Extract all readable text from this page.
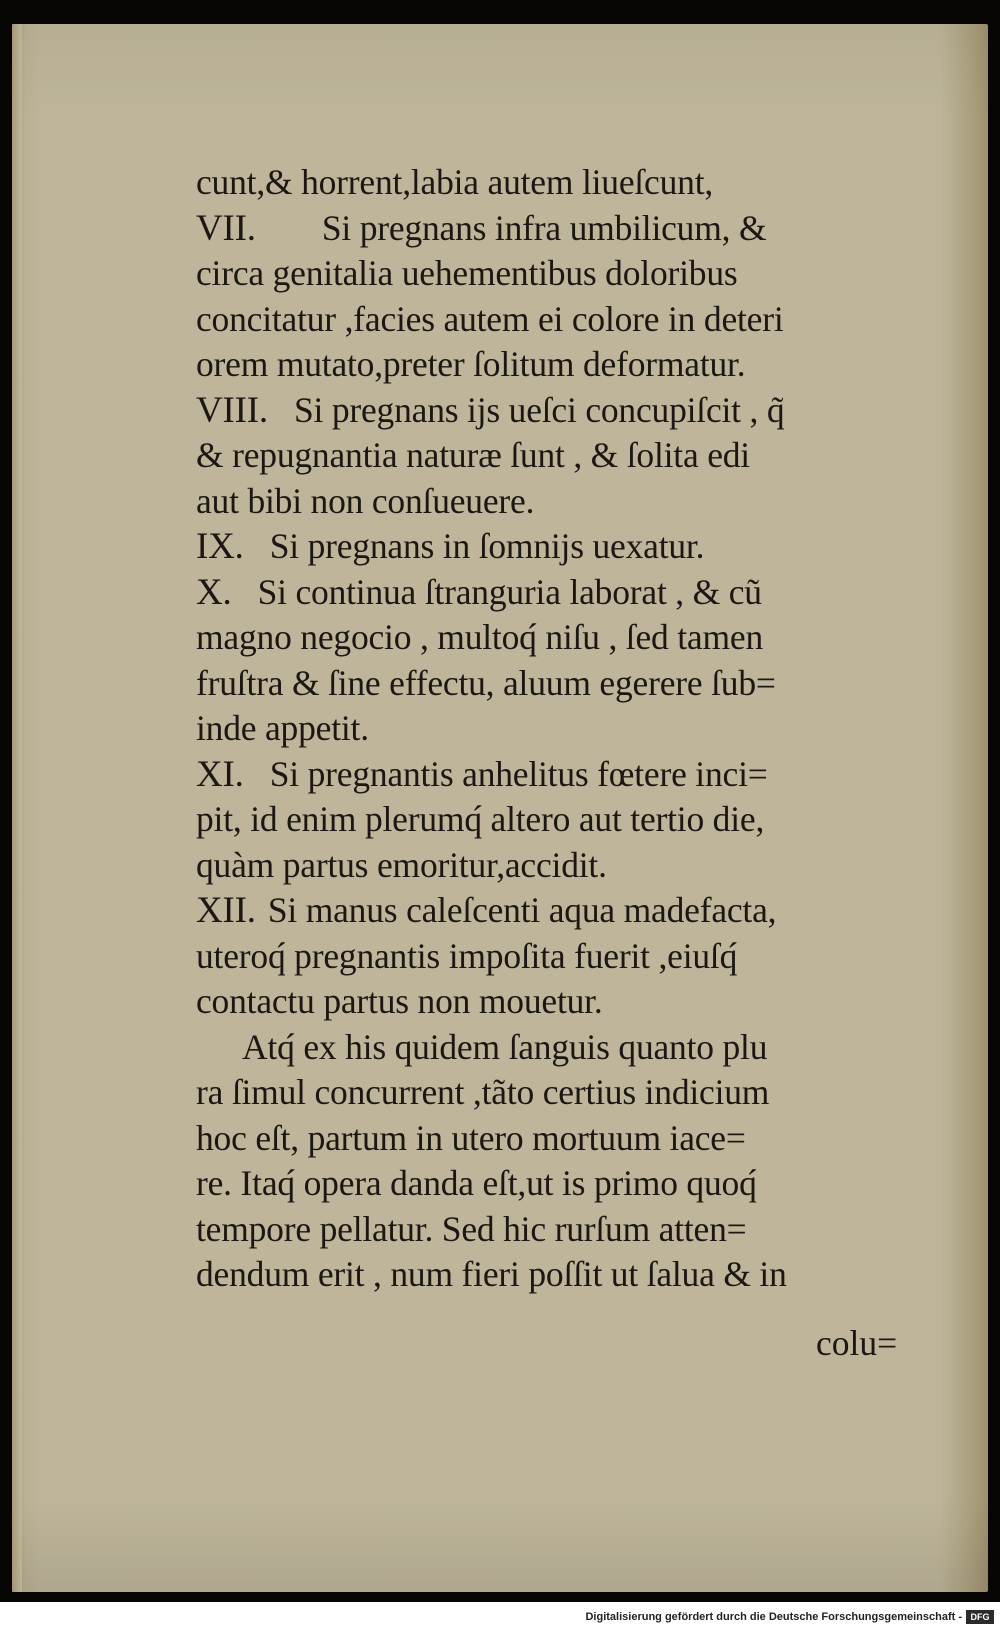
cunt,& horrent,labia autem liueſcunt,
VII. Si pregnans infra umbilicum, &
circa genitalia uehementibus doloribus
concitatur ,facies autem ei colore in deteri
orem mutato,preter ſolitum deformatur.
VIII. Si pregnans ijs ueſci concupiſcit , q̃
& repugnantia naturæ ſunt , & ſolita edi
aut bibi non conſueuere.
IX. Si pregnans in ſomnijs uexatur.
X. Si continua ſtranguria laborat , & cũ
magno negocio , multoq́ niſu , ſed tamen
fruſtra & ſine effectu, aluum egerere ſub=
inde appetit.
XI. Si pregnantis anhelitus fœtere inci=
pit, id enim plerumq́ altero aut tertio die,
quàm partus emoritur,accidit.
XII. Si manus caleſcenti aqua madefacta,
uteroq́ pregnantis impoſita fuerit ,eiuſq́
contactu partus non mouetur.
Atq́ ex his quidem ſanguis quanto plu
ra ſimul concurrent ,tãto certius indicium
hoc eſt, partum in utero mortuum iace=
re. Itaq́ opera danda eſt,ut is primo quoq́
tempore pellatur. Sed hic rurſum atten=
dendum erit , num fieri poſſit ut ſalua & in
colu=
Digitalisierung gefördert durch die Deutsche Forschungsgemeinschaft - DFG
